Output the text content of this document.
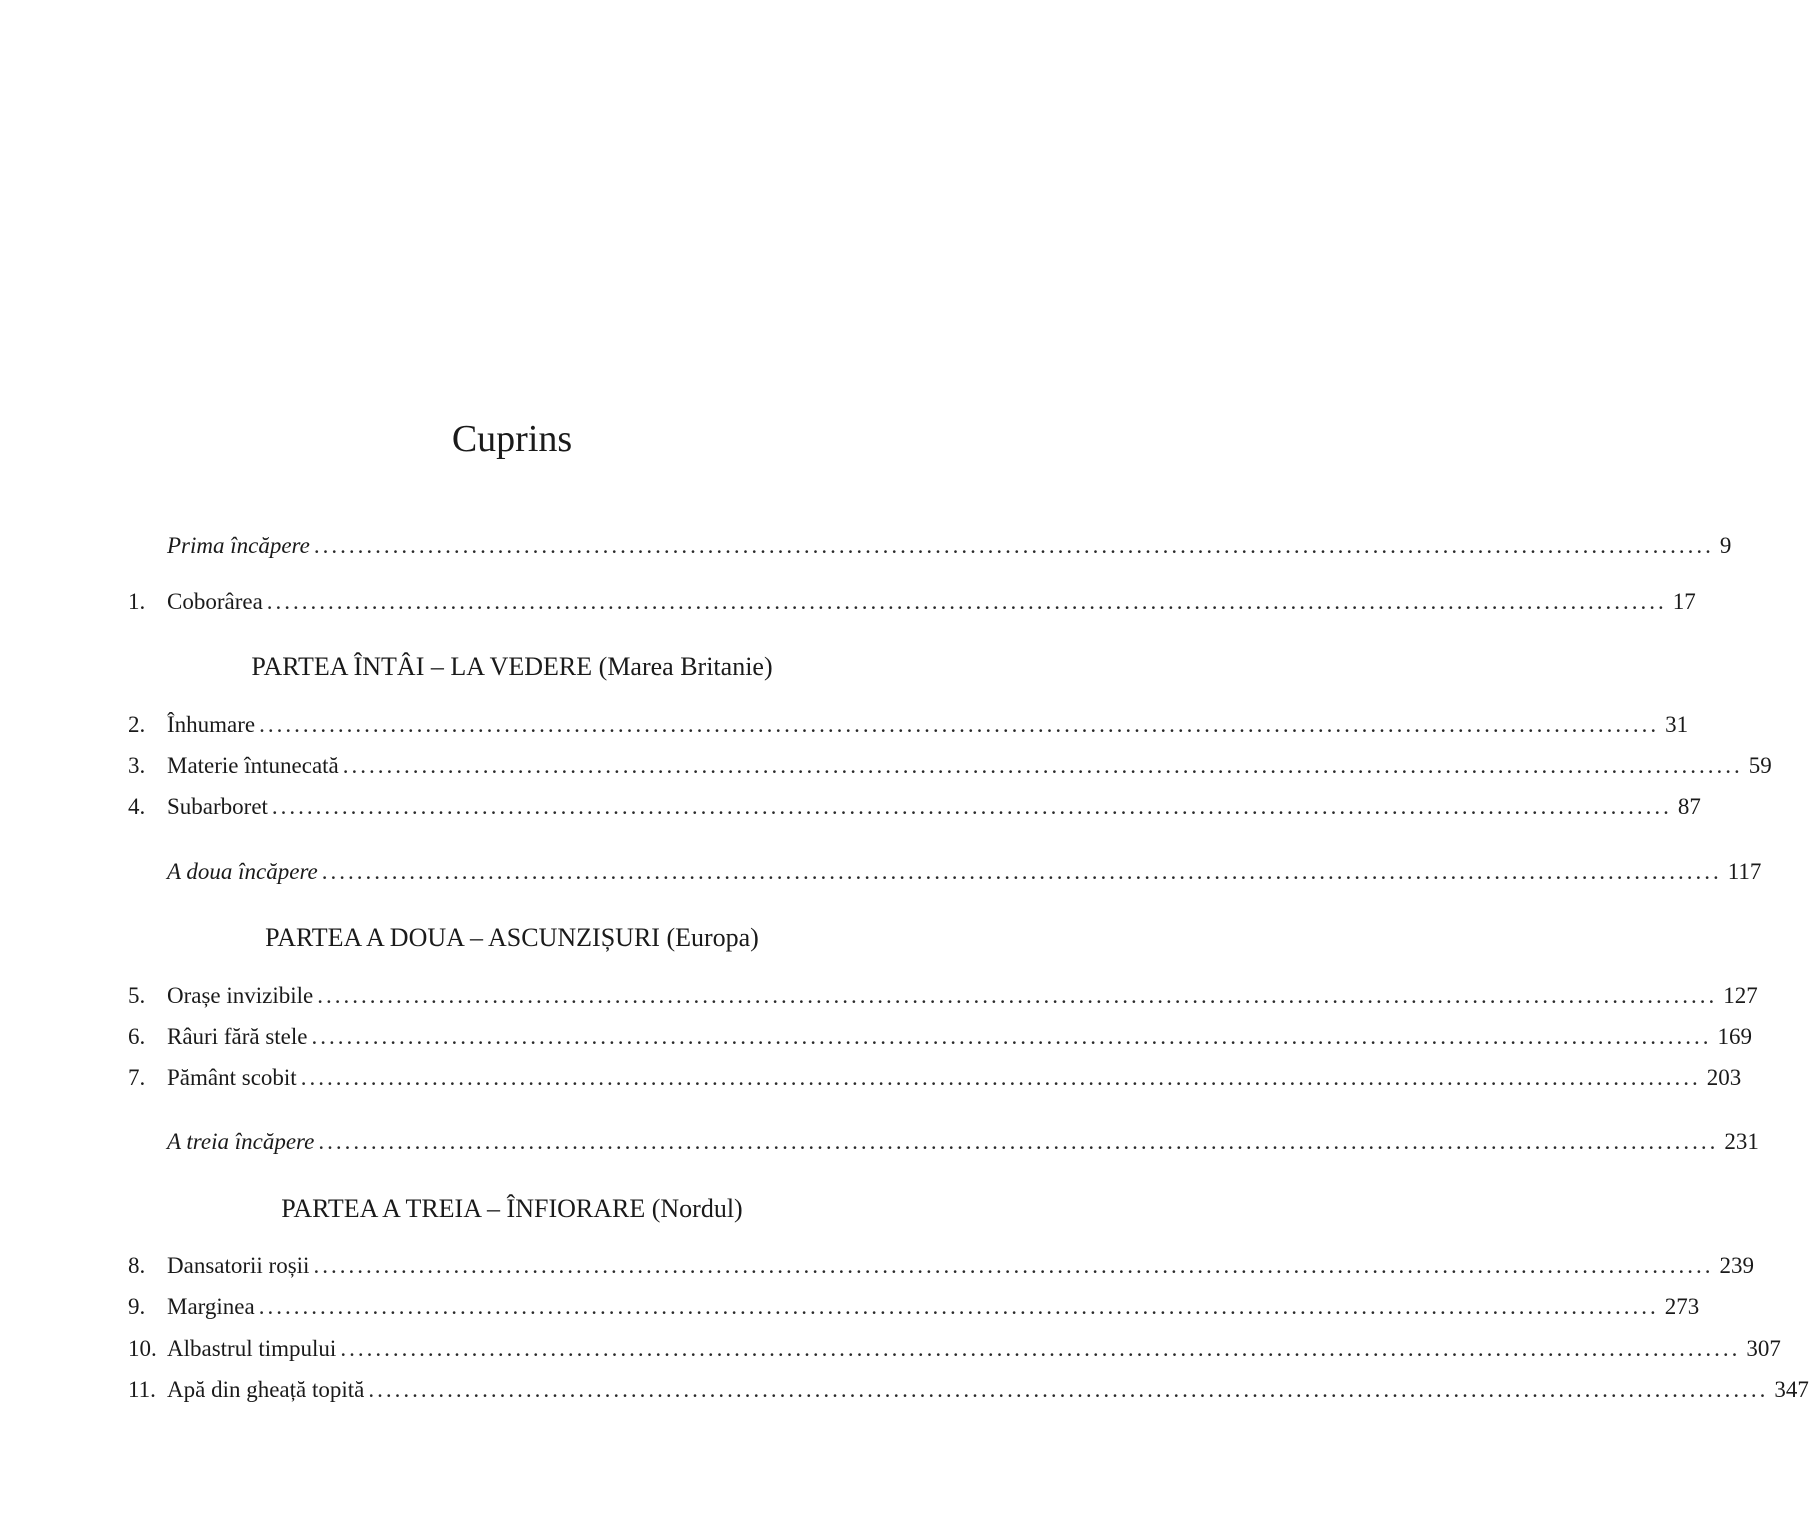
Cuprins
Prima încăpere ................................................................................................................................................................ 9
1. Coborârea ................................................................................................................................................................ 17
PARTEA ÎNTÂI – LA VEDERE (Marea Britanie)
2. Înhumare ................................................................................................................................................................ 31
3. Materie întunecată ................................................................................................................................................................ 59
4. Subarboret ................................................................................................................................................................ 87
A doua încăpere ................................................................................................................................................................ 117
PARTEA A DOUA – ASCUNZIȘURI (Europa)
5. Orașe invizibile ................................................................................................................................................................ 127
6. Râuri fără stele ................................................................................................................................................................ 169
7. Pământ scobit ................................................................................................................................................................ 203
A treia încăpere ................................................................................................................................................................ 231
PARTEA A TREIA – ÎNFIORARE (Nordul)
8. Dansatorii roșii ................................................................................................................................................................ 239
9. Marginea ................................................................................................................................................................ 273
10. Albastrul timpului ................................................................................................................................................................ 307
11. Apă din gheață topită ................................................................................................................................................................ 347
